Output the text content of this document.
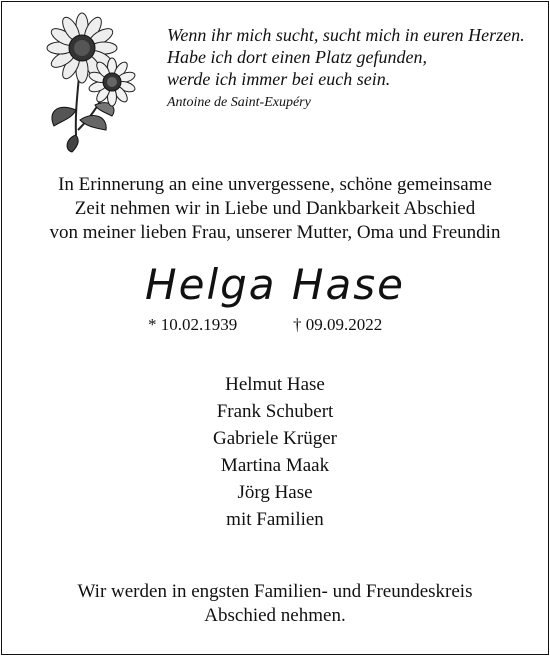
Wenn ihr mich sucht, sucht mich in euren Herzen.
Habe ich dort einen Platz gefunden,
werde ich immer bei euch sein.
Antoine de Saint-Exupéry
In Erinnerung an eine unvergessene, schöne gemeinsame
Zeit nehmen wir in Liebe und Dankbarkeit Abschied
von meiner lieben Frau, unserer Mutter, Oma und Freundin
Helga Hase
* 10.02.1939	† 09.09.2022
Helmut Hase
Frank Schubert
Gabriele Krüger
Martina Maak
Jörg Hase
mit Familien
Wir werden in engsten Familien- und Freundeskreis
Abschied nehmen.
